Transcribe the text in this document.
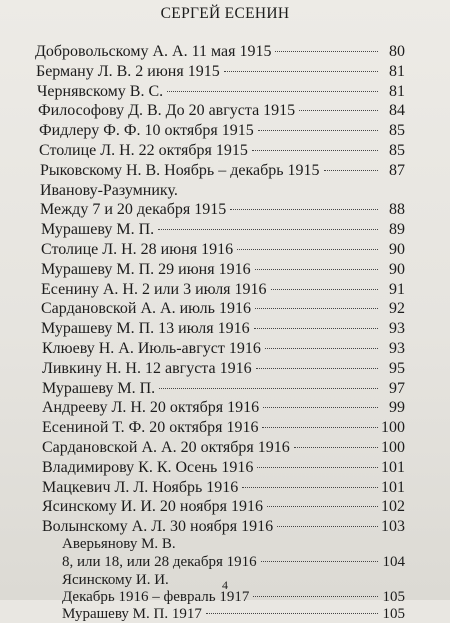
СЕРГЕЙ ЕСЕНИН
Добровольскому А. А. 11 мая 1915	80
Берману Л. В. 2 июня 1915	81
Чернявскому В. С.	81
Философову Д. В. До 20 августа 1915	84
Фидлеру Ф. Ф. 10 октября 1915	85
Столице Л. Н. 22 октября 1915	85
Рыковскому Н. В. Ноябрь – декабрь 1915	87
Иванову-Разумнику.
Между 7 и 20 декабря 1915	88
Мурашеву М. П.	89
Столице Л. Н. 28 июня 1916	90
Мурашеву М. П. 29 июня 1916	90
Есенину А. Н. 2 или 3 июля 1916	91
Сардановской А. А. июль 1916	92
Мурашеву М. П. 13 июля 1916	93
Клюеву Н. А. Июль-август 1916	93
Ливкину Н. Н. 12 августа 1916	95
Мурашеву М. П.	97
Андрееву Л. Н. 20 октября 1916	99
Есениной Т. Ф. 20 октября 1916	100
Сардановской А. А. 20 октября 1916	100
Владимирову К. К. Осень 1916	101
Мацкевич Л. Л. Ноябрь 1916	101
Ясинскому И. И. 20 ноября 1916	102
Волынскому А. Л. 30 ноября 1916	103
Аверьянову М. В.
8, или 18, или 28 декабря 1916	104
Ясинскому И. И.
Декабрь 1916 – февраль 1917	105
Мурашеву М. П. 1917	105
4
